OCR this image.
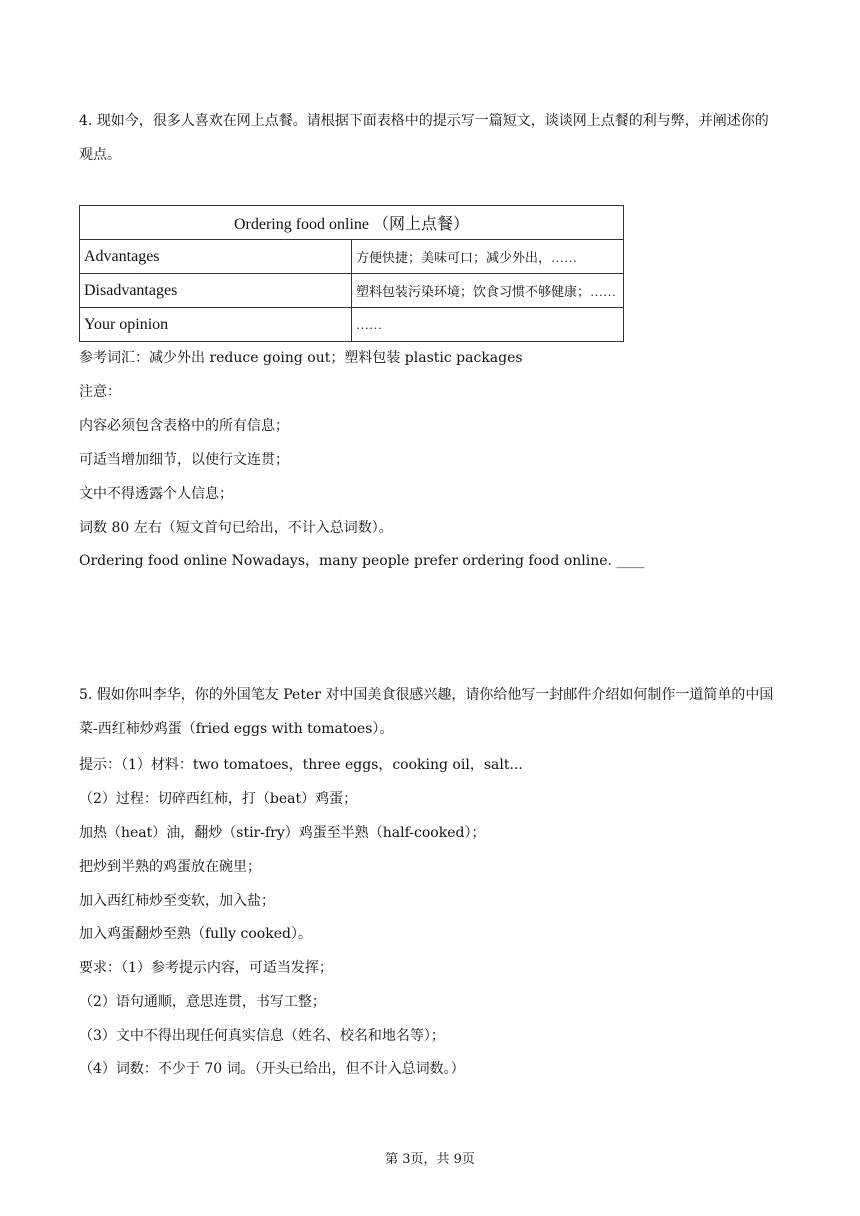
4. 现如今，很多人喜欢在网上点餐。请根据下面表格中的提示写一篇短文，谈谈网上点餐的利与弊，并阐述你的观点。
Ordering food online （网上点餐）	
Advantages	方便快捷；美味可口；减少外出，……
Disadvantages	塑料包装污染环境；饮食习惯不够健康；……
Your opinion	……
参考词汇：减少外出 reduce going out；塑料包装 plastic packages
注意：
内容必须包含表格中的所有信息；
可适当增加细节，以使行文连贯；
文中不得透露个人信息；
词数 80 左右（短文首句已给出，不计入总词数）。
Ordering food online Nowadays，many people prefer ordering food online. ____
5. 假如你叫李华，你的外国笔友 Peter 对中国美食很感兴趣，请你给他写一封邮件介绍如何制作一道简单的中国菜-西红柿炒鸡蛋（fried eggs with tomatoes）。
提示：（1）材料：two tomatoes，three eggs，cooking oil，salt...
（2）过程：切碎西红柿，打（beat）鸡蛋；
加热（heat）油，翻炒（stir-fry）鸡蛋至半熟（half-cooked）；
把炒到半熟的鸡蛋放在碗里；
加入西红柿炒至变软，加入盐；
加入鸡蛋翻炒至熟（fully cooked）。
要求：（1）参考提示内容，可适当发挥；
（2）语句通顺，意思连贯，书写工整；
（3）文中不得出现任何真实信息（姓名、校名和地名等）；
（4）词数：不少于 70 词。（开头已给出，但不计入总词数。）
第 3页，共 9页
